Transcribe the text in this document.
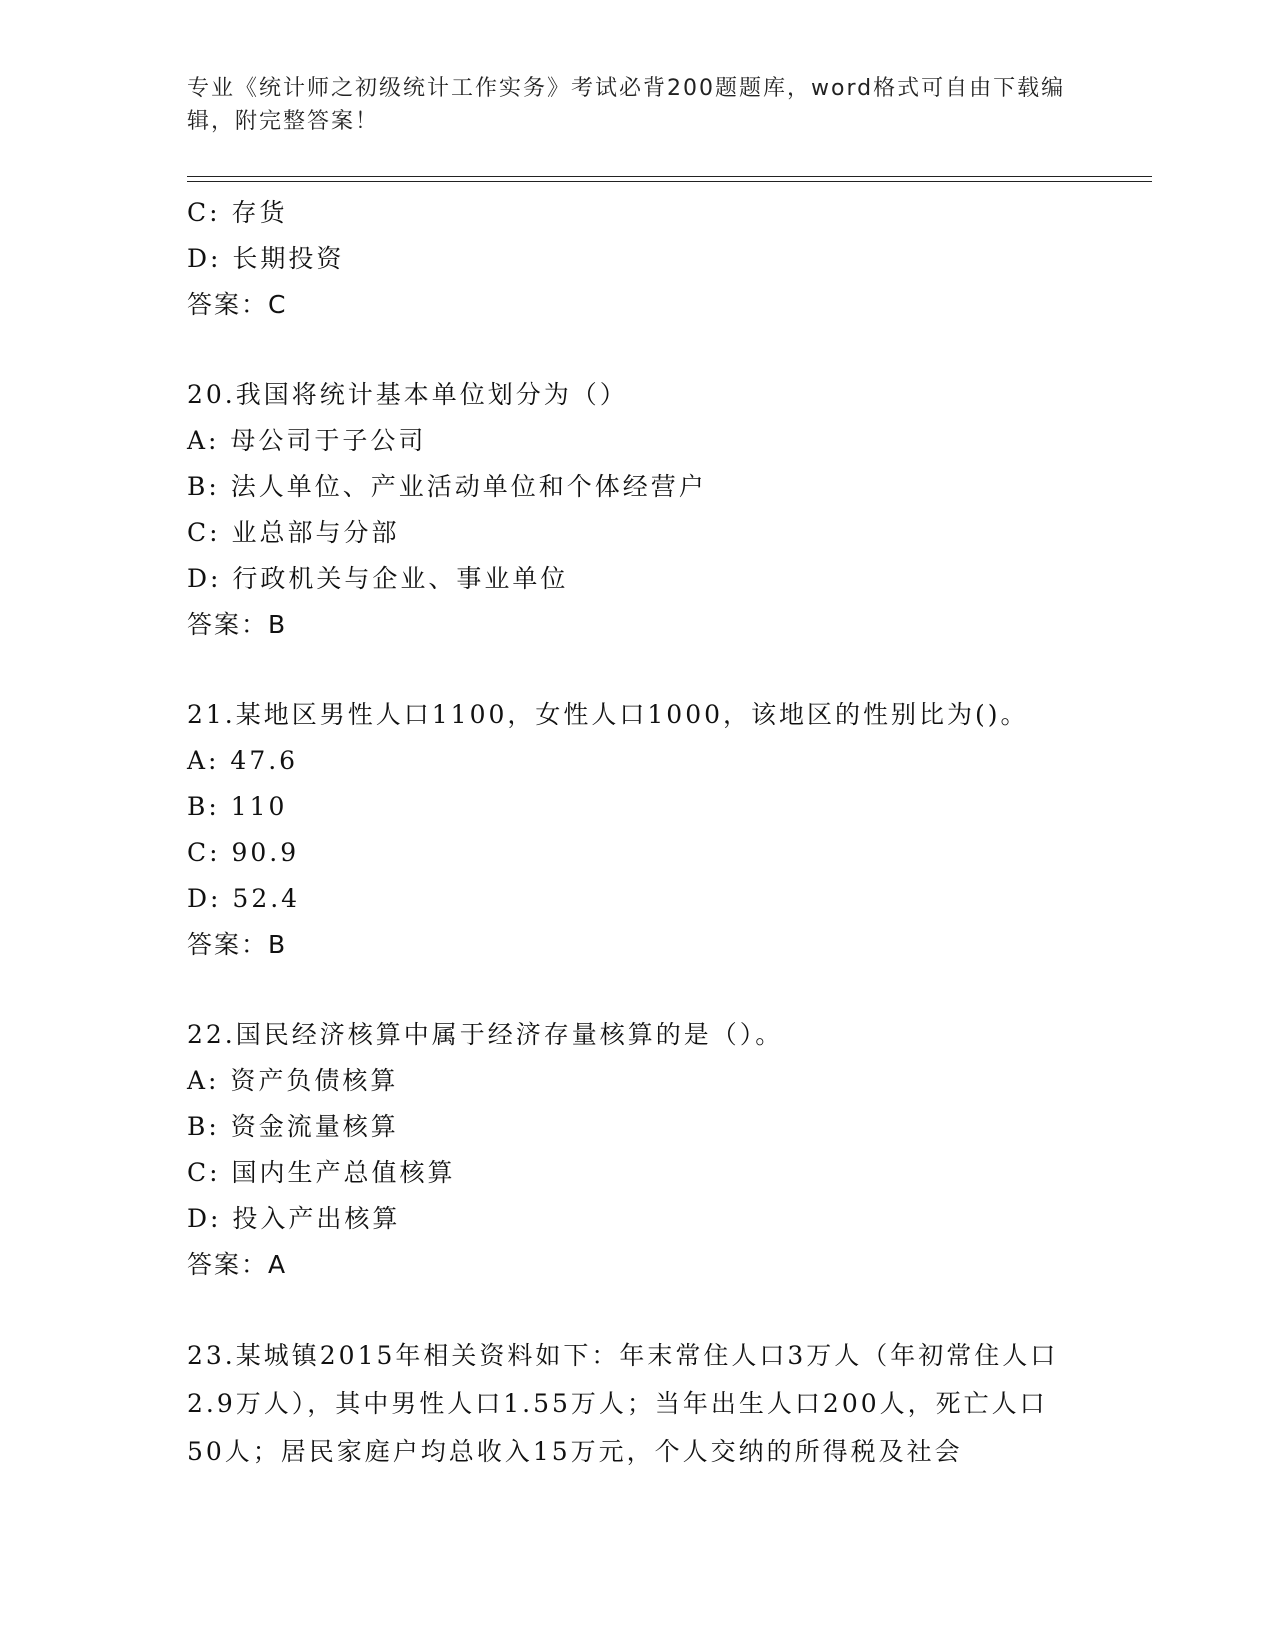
专业《统计师之初级统计工作实务》考试必背200题题库，word格式可自由下载编辑，附完整答案！
C: 存货
D: 长期投资
答案：C
20.我国将统计基本单位划分为（）
A: 母公司于子公司
B: 法人单位、产业活动单位和个体经营户
C: 业总部与分部
D: 行政机关与企业、事业单位
答案：B
21.某地区男性人口1100，女性人口1000，该地区的性别比为()。
A: 47.6
B: 110
C: 90.9
D: 52.4
答案：B
22.国民经济核算中属于经济存量核算的是（）。
A: 资产负债核算
B: 资金流量核算
C: 国内生产总值核算
D: 投入产出核算
答案：A
23.某城镇2015年相关资料如下：年末常住人口3万人（年初常住人口2.9万人），其中男性人口1.55万人；当年出生人口200人，死亡人口50人；居民家庭户均总收入15万元，个人交纳的所得税及社会
